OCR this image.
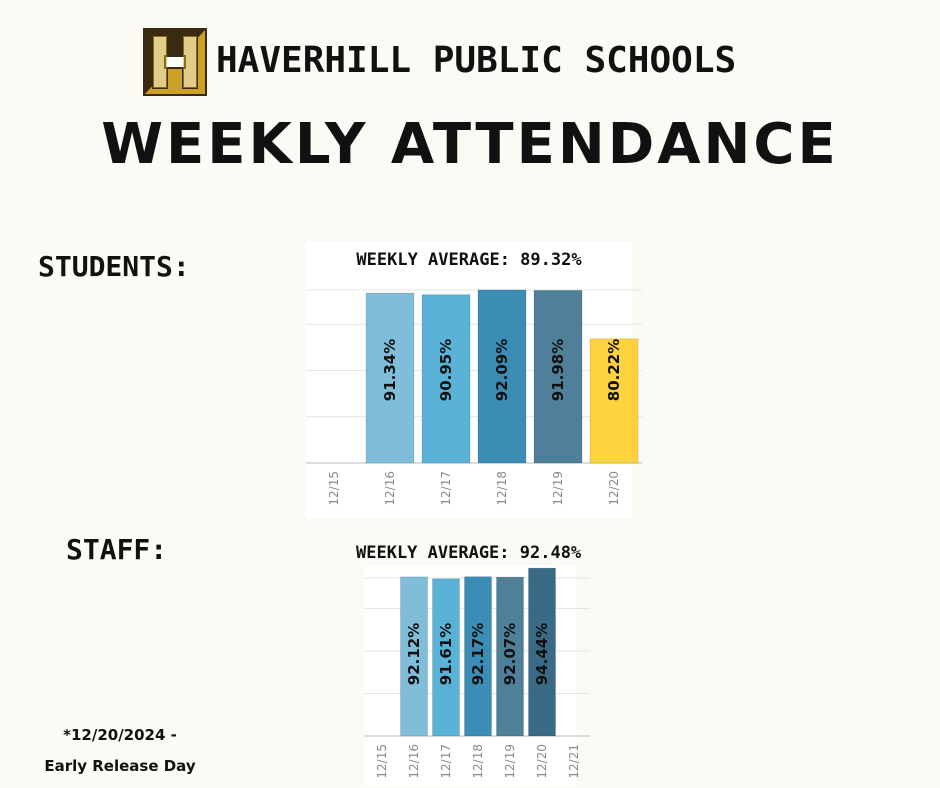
HAVERHILL PUBLIC SCHOOLS
WEEKLY ATTENDANCE
STUDENTS:
STAFF:
WEEKLY AVERAGE: 89.32%
12/15
91.34%
12/16
90.95%
12/17
92.09%
12/18
91.98%
12/19
80.22%
12/20
WEEKLY AVERAGE: 92.48%
12/15
92.12%
12/16
91.61%
12/17
92.17%
12/18
92.07%
12/19
94.44%
12/20 12/21
*12/20/2024 -
Early Release Day
